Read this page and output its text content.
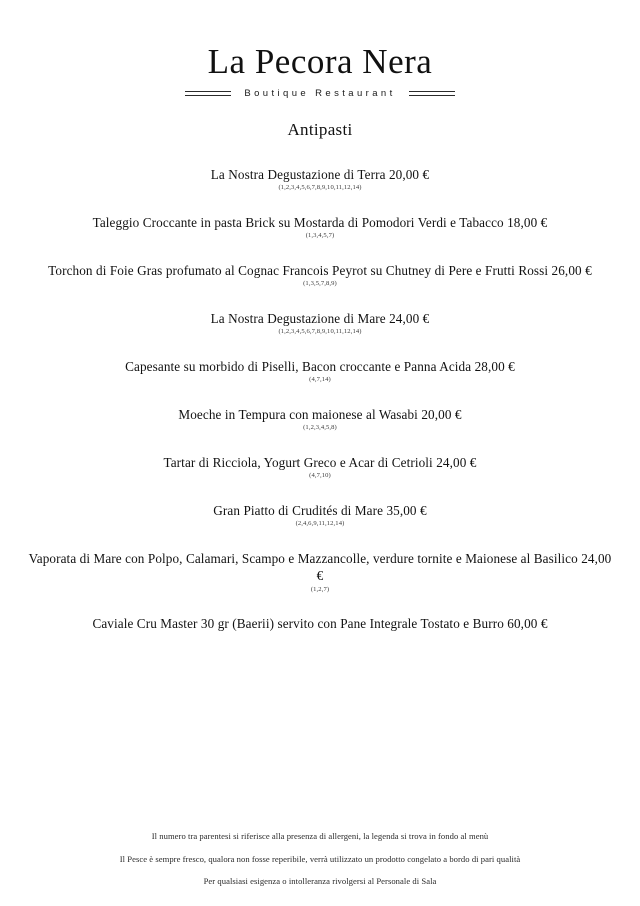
La Pecora Nera
Boutique Restaurant
Antipasti
La Nostra Degustazione di Terra 20,00 €
(1,2,3,4,5,6,7,8,9,10,11,12,14)
Taleggio Croccante in pasta Brick su Mostarda di Pomodori Verdi e Tabacco 18,00 €
(1,3,4,5,7)
Torchon di Foie Gras profumato al Cognac Francois Peyrot su Chutney di Pere e Frutti Rossi 26,00 €
(1,3,5,7,8,9)
La Nostra Degustazione di Mare 24,00 €
(1,2,3,4,5,6,7,8,9,10,11,12,14)
Capesante su morbido di Piselli, Bacon croccante e Panna Acida 28,00 €
(4,7,14)
Moeche in Tempura con maionese al Wasabi 20,00 €
(1,2,3,4,5,8)
Tartar di Ricciola, Yogurt Greco e Acar di Cetrioli 24,00 €
(4,7,10)
Gran Piatto di Crudités di Mare 35,00 €
(2,4,6,9,11,12,14)
Vaporata di Mare con Polpo, Calamari, Scampo e Mazzancolle, verdure tornite e Maionese al Basilico 24,00 €
(1,2,7)
Caviale Cru Master 30 gr (Baerii) servito con Pane Integrale Tostato e Burro 60,00 €
Il numero tra parentesi si riferisce alla presenza di allergeni, la legenda si trova in fondo al menù
Il Pesce è sempre fresco, qualora non fosse reperibile, verrà utilizzato un prodotto congelato a bordo di pari qualità
Per qualsiasi esigenza o intolleranza rivolgersi al Personale di Sala
